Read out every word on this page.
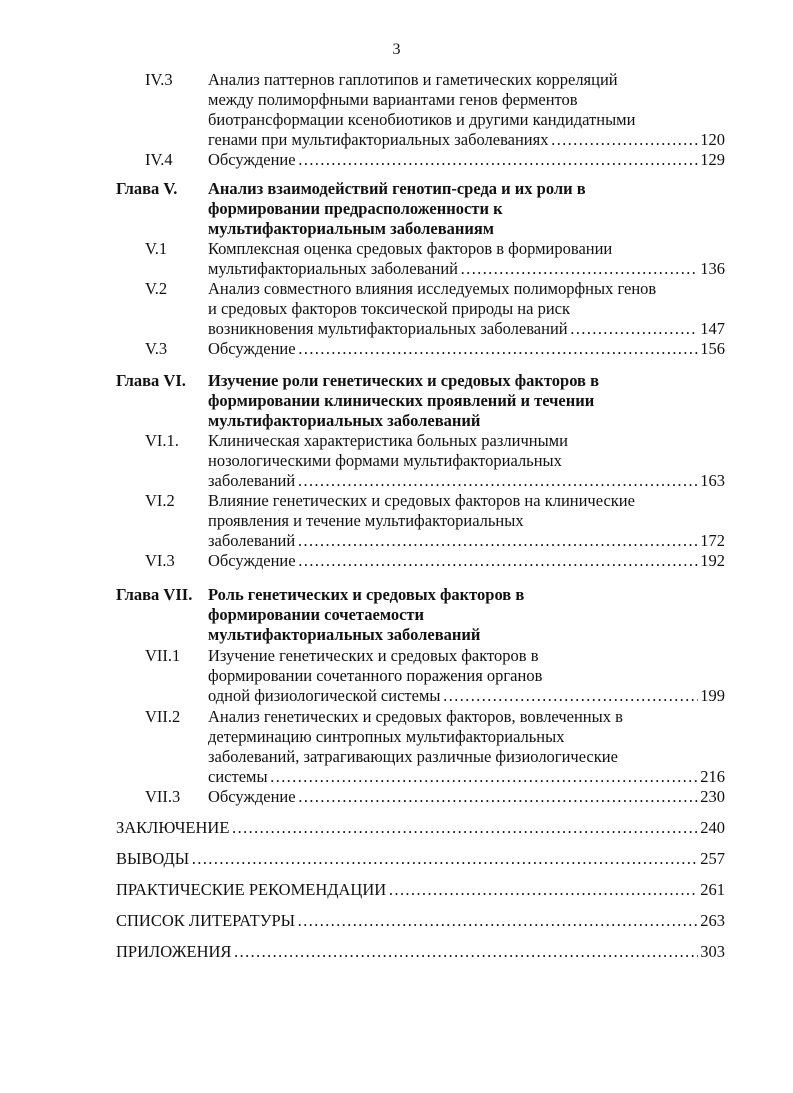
3
IV.3 Анализ паттернов гаплотипов и гаметических корреляций
между полиморфными вариантами генов ферментов
биотрансформации ксенобиотиков и другими кандидатными
генами при мультифакториальных заболеваниях ………………………………………………………………………………………………………………………………………………………………………………………………………………………………………………	120
IV.4 Обсуждение ………………………………………………………………………………………………………………………………………………………………………………………………………………………………………………	129
Глава V. Анализ взаимодействий генотип-среда и их роли в
формировании предрасположенности к
мультифакториальным заболеваниям
V.1 Комплексная оценка средовых факторов в формировании
мультифакториальных заболеваний ………………………………………………………………………………………………………………………………………………………………………………………………………………………………………………	136
V.2 Анализ совместного влияния исследуемых полиморфных генов
и средовых факторов токсической природы на риск
возникновения мультифакториальных заболеваний ………………………………………………………………………………………………………………………………………………………………………………………………………………………………………………	147
V.3 Обсуждение ………………………………………………………………………………………………………………………………………………………………………………………………………………………………………………	156
Глава VI. Изучение роли генетических и средовых факторов в
формировании клинических проявлений и течении
мультифакториальных заболеваний
VI.1. Клиническая характеристика больных различными
нозологическими формами мультифакториальных
заболеваний ………………………………………………………………………………………………………………………………………………………………………………………………………………………………………………	163
VI.2 Влияние генетических и средовых факторов на клинические
проявления и течение мультифакториальных
заболеваний ………………………………………………………………………………………………………………………………………………………………………………………………………………………………………………	172
VI.3 Обсуждение ………………………………………………………………………………………………………………………………………………………………………………………………………………………………………………	192
Глава VII. Роль генетических и средовых факторов в
формировании сочетаемости
мультифакториальных заболеваний
VII.1 Изучение генетических и средовых факторов в
формировании сочетанного поражения органов
одной физиологической системы ………………………………………………………………………………………………………………………………………………………………………………………………………………………………………………	199
VII.2 Анализ генетических и средовых факторов, вовлеченных в
детерминацию синтропных мультифакториальных
заболеваний, затрагивающих различные физиологические
системы ………………………………………………………………………………………………………………………………………………………………………………………………………………………………………………	216
VII.3 Обсуждение ………………………………………………………………………………………………………………………………………………………………………………………………………………………………………………	230
ЗАКЛЮЧЕНИЕ ………………………………………………………………………………………………………………………………………………………………………………………………………………………………………………	240
ВЫВОДЫ ………………………………………………………………………………………………………………………………………………………………………………………………………………………………………………	257
ПРАКТИЧЕСКИЕ РЕКОМЕНДАЦИИ ………………………………………………………………………………………………………………………………………………………………………………………………………………………………………………	261
СПИСОК ЛИТЕРАТУРЫ ………………………………………………………………………………………………………………………………………………………………………………………………………………………………………………	263
ПРИЛОЖЕНИЯ ………………………………………………………………………………………………………………………………………………………………………………………………………………………………………………	303
